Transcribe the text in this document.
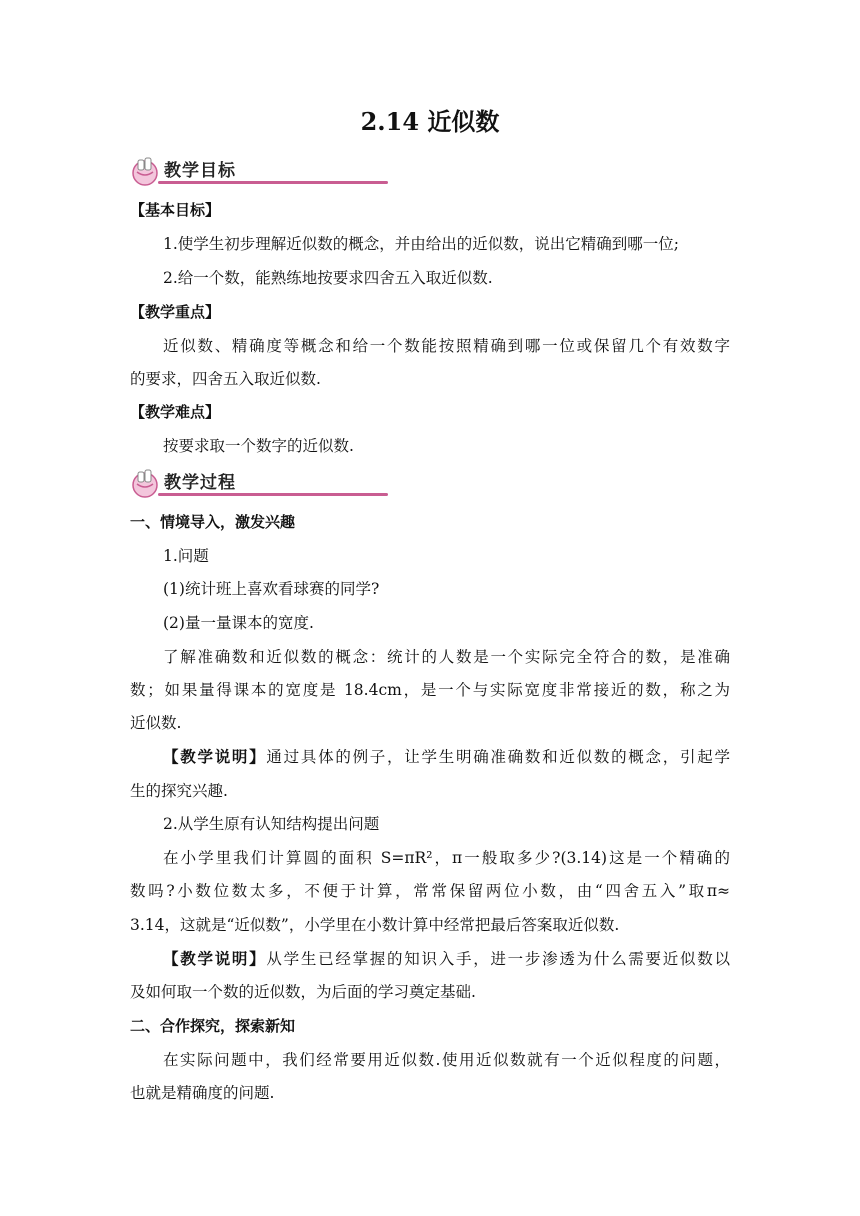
2.14 近似数
教学目标
【基本目标】
1.使学生初步理解近似数的概念，并由给出的近似数，说出它精确到哪一位;
2.给一个数，能熟练地按要求四舍五入取近似数.
【教学重点】
近似数、精确度等概念和给一个数能按照精确到哪一位或保留几个有效数字
的要求，四舍五入取近似数.
【教学难点】
按要求取一个数字的近似数.
教学过程
一、情境导入，激发兴趣
1.问题
(1)统计班上喜欢看球赛的同学?
(2)量一量课本的宽度.
了解准确数和近似数的概念：统计的人数是一个实际完全符合的数，是准确
数；如果量得课本的宽度是 18.4cm，是一个与实际宽度非常接近的数，称之为
近似数.
【教学说明】通过具体的例子，让学生明确准确数和近似数的概念，引起学
生的探究兴趣.
2.从学生原有认知结构提出问题
在小学里我们计算圆的面积 S=πR²，π一般取多少?(3.14)这是一个精确的
数吗?小数位数太多，不便于计算，常常保留两位小数，由“四舍五入”取π≈
3.14，这就是“近似数”，小学里在小数计算中经常把最后答案取近似数.
【教学说明】从学生已经掌握的知识入手，进一步渗透为什么需要近似数以
及如何取一个数的近似数，为后面的学习奠定基础.
二、合作探究，探索新知
在实际问题中，我们经常要用近似数.使用近似数就有一个近似程度的问题，
也就是精确度的问题.
